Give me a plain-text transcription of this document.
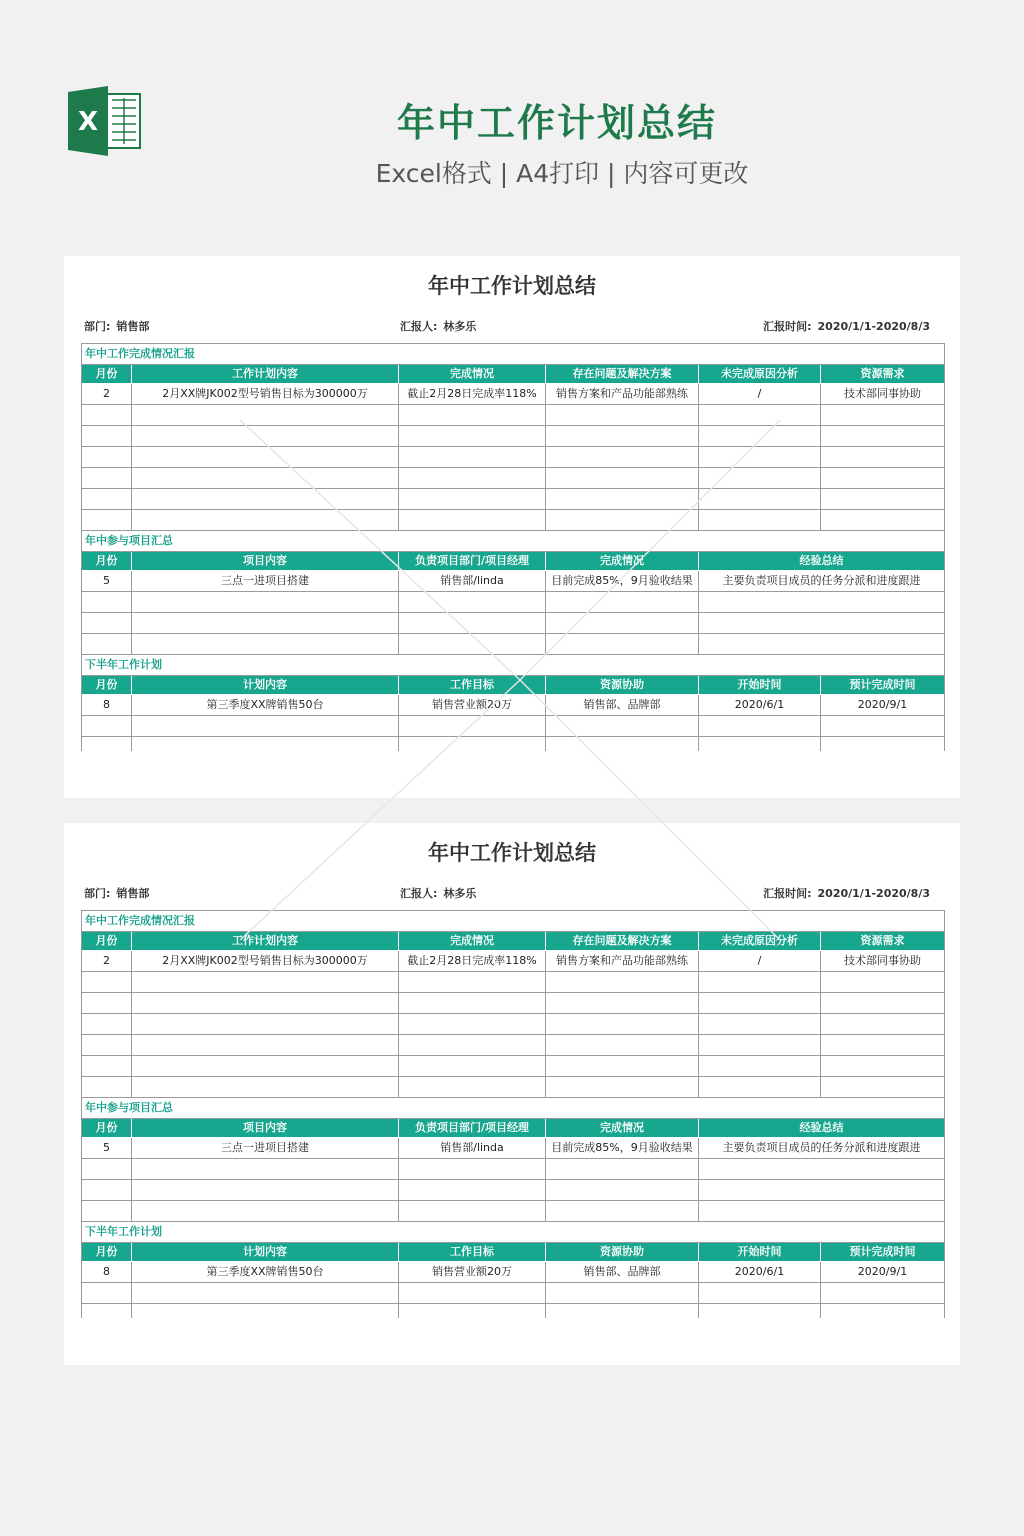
X	年中工作计划总结
Excel格式 | A4打印 | 内容可更改
年中工作计划总结
部门: 销售部	汇报人: 林多乐	汇报时间: 2020/1/1-2020/8/3
年中工作完成情况汇报
月份	工作计划内容	完成情况	存在问题及解决方案	未完成原因分析	资源需求
2	2月XX牌JK002型号销售目标为300000万	截止2月28日完成率118%	销售方案和产品功能部熟练	/	技术部同事协助
年中参与项目汇总
月份	项目内容	负责项目部门/项目经理	完成情况	经验总结
5	三点一进项目搭建	销售部/linda	目前完成85%，9月验收结果	主要负责项目成员的任务分派和进度跟进
下半年工作计划
月份	计划内容	工作目标	资源协助	开始时间	预计完成时间
8	第三季度XX牌销售50台	销售营业额20万	销售部、品牌部	2020/6/1	2020/9/1
年中工作计划总结
部门: 销售部	汇报人: 林多乐	汇报时间: 2020/1/1-2020/8/3
年中工作完成情况汇报
月份	工作计划内容	完成情况	存在问题及解决方案	未完成原因分析	资源需求
2	2月XX牌JK002型号销售目标为300000万	截止2月28日完成率118%	销售方案和产品功能部熟练	/	技术部同事协助
年中参与项目汇总
月份	项目内容	负责项目部门/项目经理	完成情况	经验总结
5	三点一进项目搭建	销售部/linda	目前完成85%，9月验收结果	主要负责项目成员的任务分派和进度跟进
下半年工作计划
月份	计划内容	工作目标	资源协助	开始时间	预计完成时间
8	第三季度XX牌销售50台	销售营业额20万	销售部、品牌部	2020/6/1	2020/9/1
